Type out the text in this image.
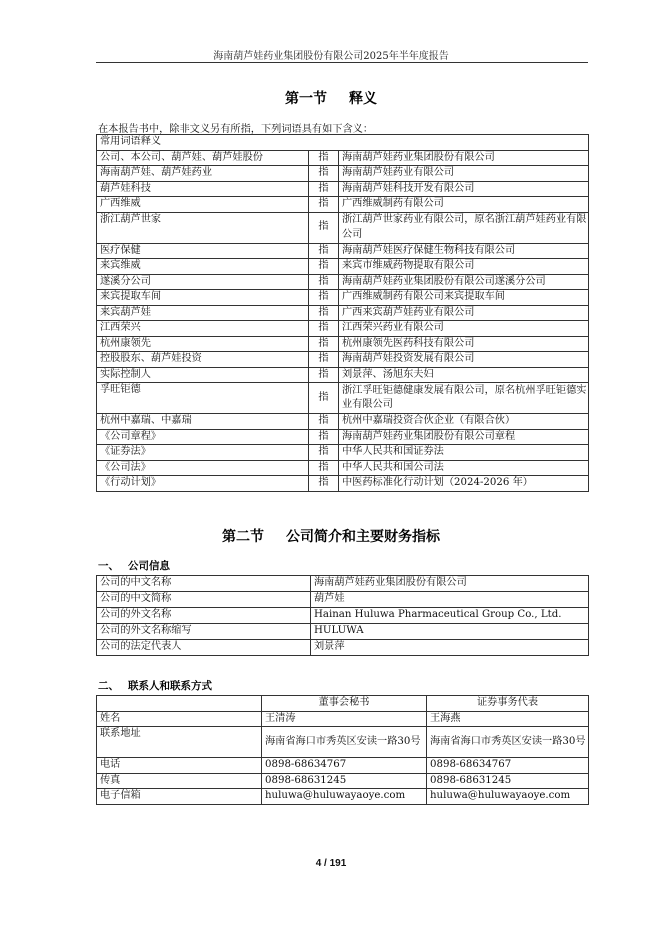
海南葫芦娃药业集团股份有限公司2025年半年度报告
第一节 释义
在本报告书中，除非文义另有所指，下列词语具有如下含义：
常用词语释义		
公司、本公司、葫芦娃、葫芦娃股份	指	海南葫芦娃药业集团股份有限公司
海南葫芦娃、葫芦娃药业	指	海南葫芦娃药业有限公司
葫芦娃科技	指	海南葫芦娃科技开发有限公司
广西维威	指	广西维威制药有限公司
浙江葫芦世家	指	浙江葫芦世家药业有限公司，原名浙江葫芦娃药业有限公司
医疗保健	指	海南葫芦娃医疗保健生物科技有限公司
来宾维威	指	来宾市维威药物提取有限公司
遂溪分公司	指	海南葫芦娃药业集团股份有限公司遂溪分公司
来宾提取车间	指	广西维威制药有限公司来宾提取车间
来宾葫芦娃	指	广西来宾葫芦娃药业有限公司
江西荣兴	指	江西荣兴药业有限公司
杭州康领先	指	杭州康领先医药科技有限公司
控股股东、葫芦娃投资	指	海南葫芦娃投资发展有限公司
实际控制人	指	刘景萍、汤旭东夫妇
孚旺钜德	指	浙江孚旺钜德健康发展有限公司，原名杭州孚旺钜德实业有限公司
杭州中嘉瑞、中嘉瑞	指	杭州中嘉瑞投资合伙企业（有限合伙）
《公司章程》	指	海南葫芦娃药业集团股份有限公司章程
《证券法》	指	中华人民共和国证券法
《公司法》	指	中华人民共和国公司法
《行动计划》	指	中医药标准化行动计划（2024-2026 年）
第二节 公司简介和主要财务指标
一、 公司信息
公司的中文名称	海南葫芦娃药业集团股份有限公司
公司的中文简称	葫芦娃
公司的外文名称	Hainan Huluwa Pharmaceutical Group Co., Ltd.
公司的外文名称缩写	HULUWA
公司的法定代表人	刘景萍
二、 联系人和联系方式
	董事会秘书	证券事务代表
姓名	王清涛	王海燕
联系地址	海南省海口市秀英区安读一路30号	海南省海口市秀英区安读一路30号
电话	0898-68634767	0898-68634767
传真	0898-68631245	0898-68631245
电子信箱	huluwa@huluwayaoye.com	huluwa@huluwayaoye.com
4 / 191
